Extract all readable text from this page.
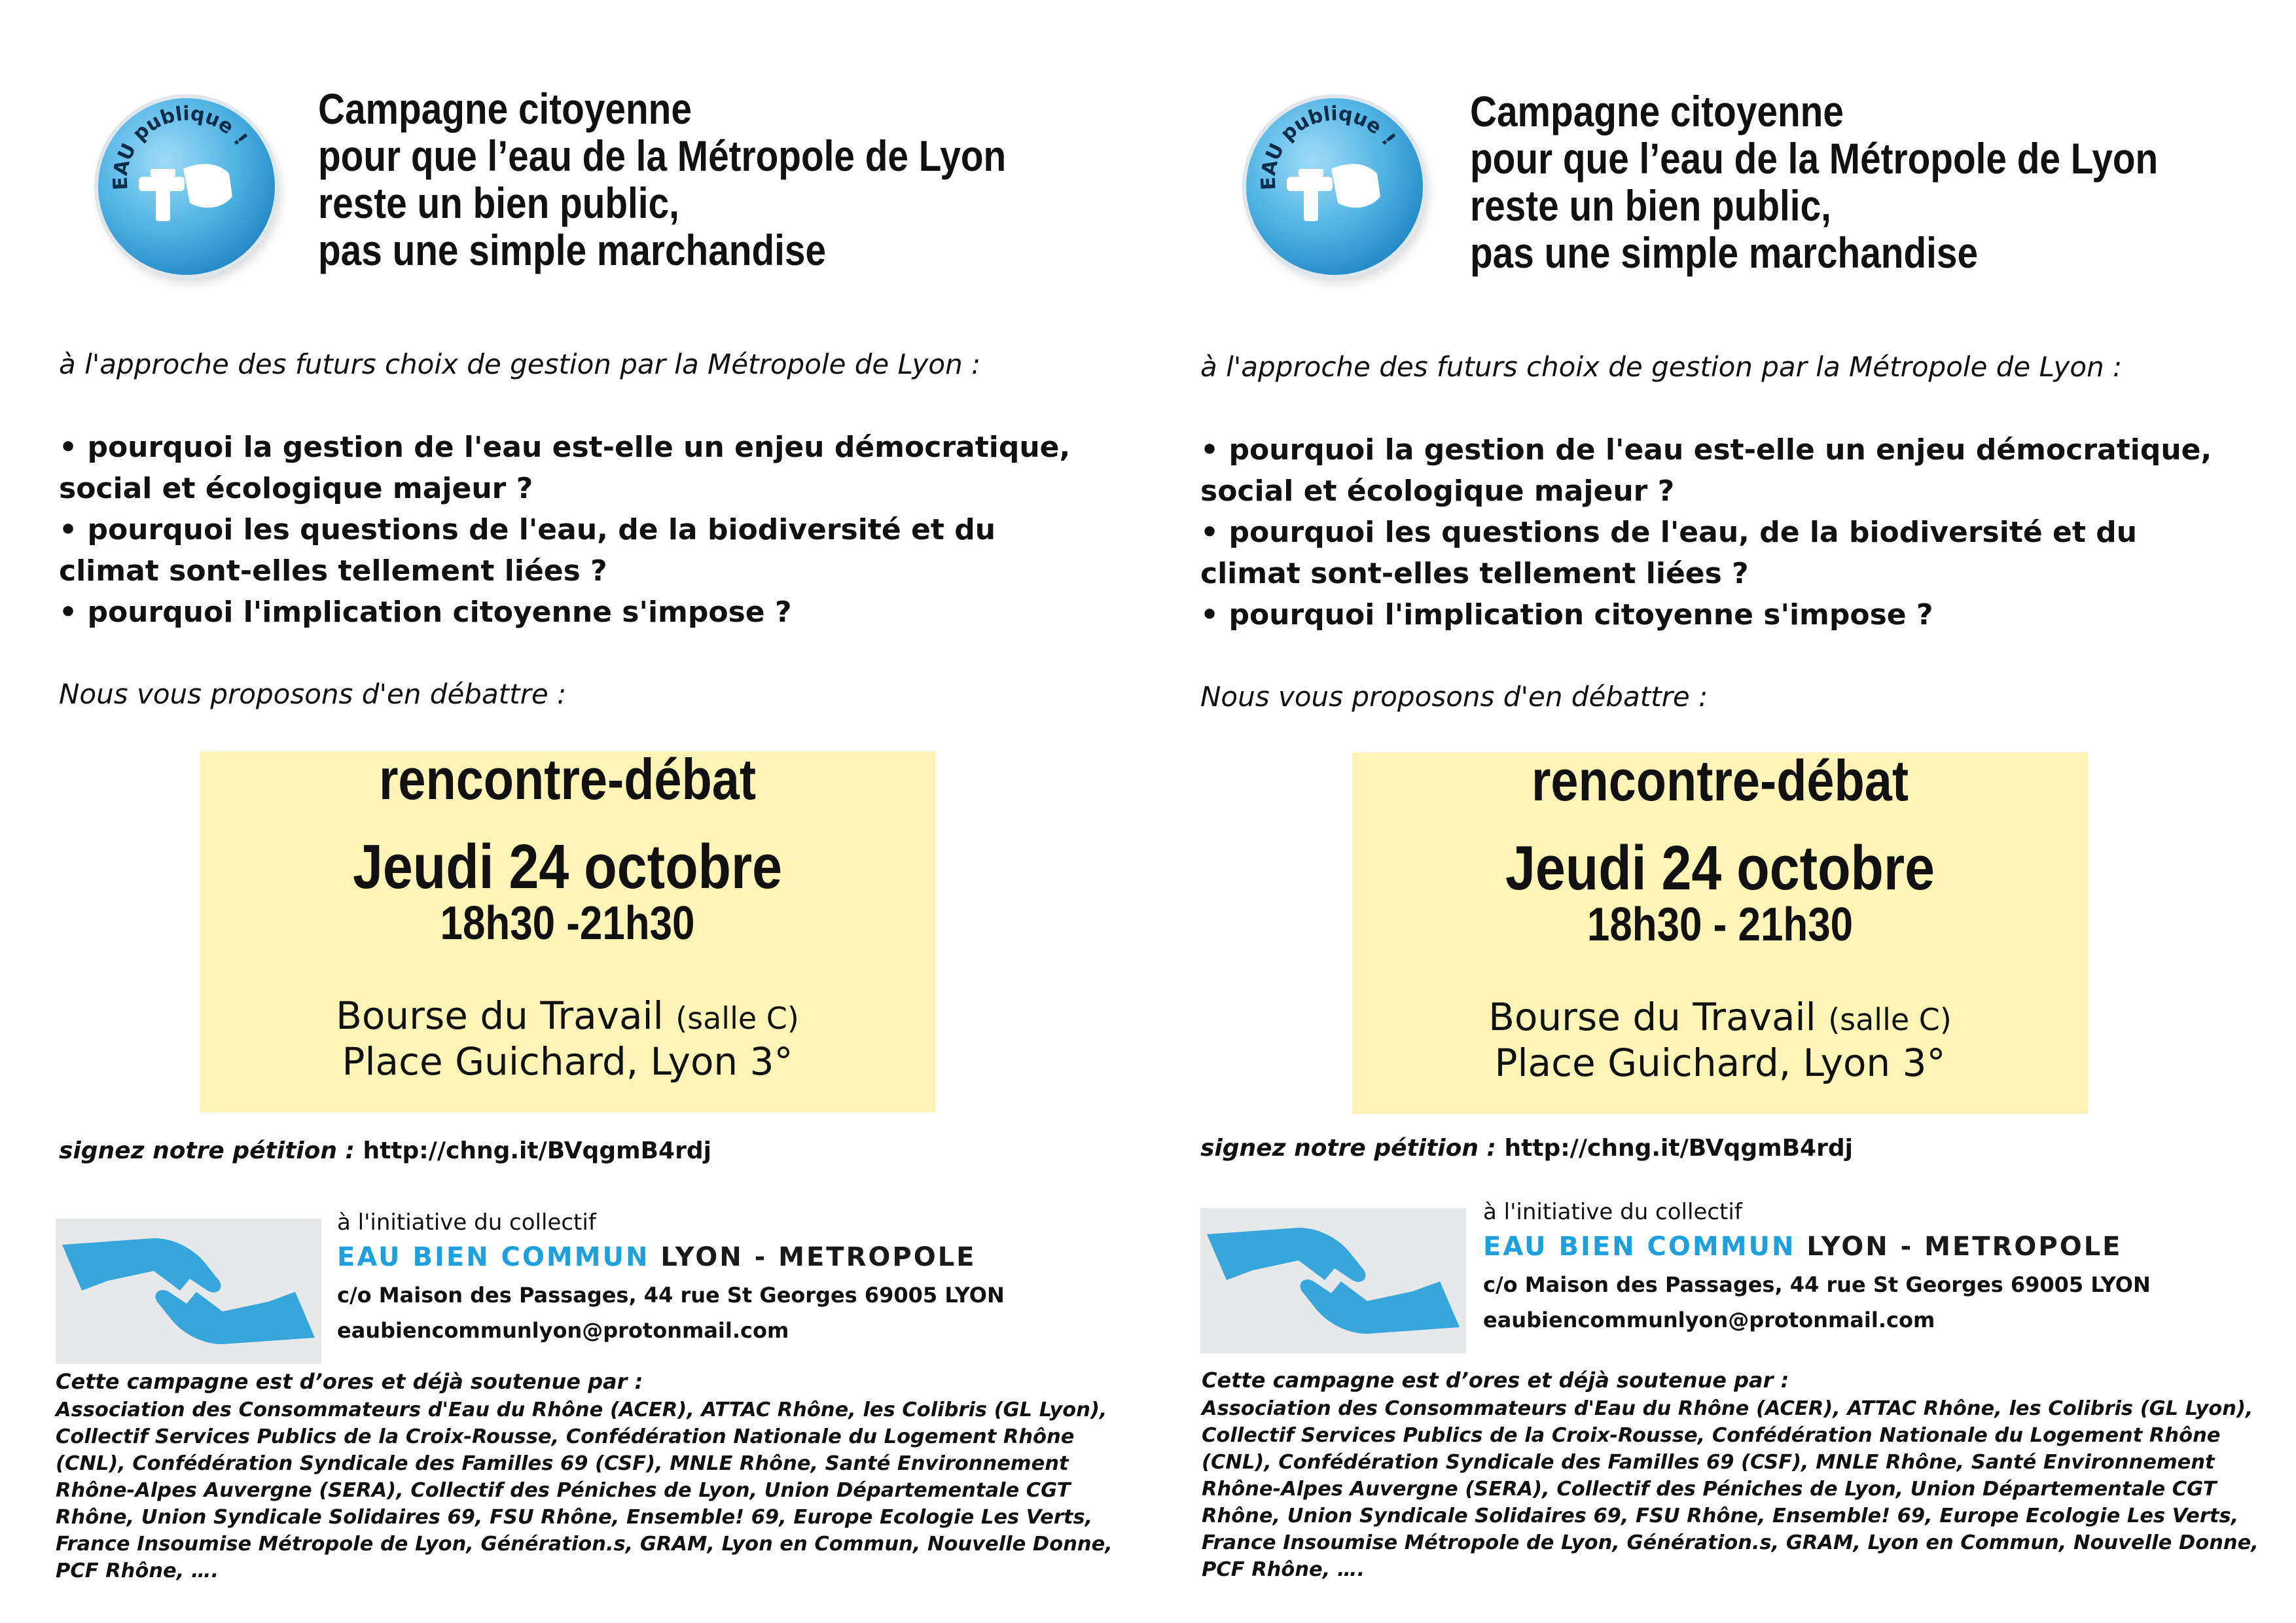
EAU publique !
Campagne citoyenne
pour que l’eau de la Métropole de Lyon
reste un bien public,
pas une simple marchandise
à l'approche des futurs choix de gestion par la Métropole de Lyon :
• pourquoi la gestion de l'eau est-elle un enjeu démocratique, social et écologique majeur ?
• pourquoi les questions de l'eau, de la biodiversité et du climat sont-elles tellement liées ?
• pourquoi l'implication citoyenne s'impose ?
Nous vous proposons d'en débattre :
rencontre-débat
Jeudi 24 octobre
18h30 -21h30
Bourse du Travail (salle C)
Place Guichard, Lyon 3°
signez notre pétition : http://chng.it/BVqgmB4rdj
à l'initiative du collectif
EAU BIEN COMMUN LYON - METROPOLE
c/o Maison des Passages, 44 rue St Georges 69005 LYON
eaubiencommunlyon@protonmail.com
Cette campagne est d’ores et déjà soutenue par :
Association des Consommateurs d'Eau du Rhône (ACER), ATTAC Rhône, les Colibris (GL Lyon), Collectif Services Publics de la Croix-Rousse, Confédération Nationale du Logement Rhône (CNL), Confédération Syndicale des Familles 69 (CSF), MNLE Rhône, Santé Environnement Rhône-Alpes Auvergne (SERA), Collectif des Péniches de Lyon, Union Départementale CGT Rhône, Union Syndicale Solidaires 69, FSU Rhône, Ensemble! 69, Europe Ecologie Les Verts, France Insoumise Métropole de Lyon, Génération.s, GRAM, Lyon en Commun, Nouvelle Donne, PCF Rhône, ….
EAU publique !
Campagne citoyenne
pour que l’eau de la Métropole de Lyon
reste un bien public,
pas une simple marchandise
à l'approche des futurs choix de gestion par la Métropole de Lyon :
• pourquoi la gestion de l'eau est-elle un enjeu démocratique, social et écologique majeur ?
• pourquoi les questions de l'eau, de la biodiversité et du climat sont-elles tellement liées ?
• pourquoi l'implication citoyenne s'impose ?
Nous vous proposons d'en débattre :
rencontre-débat
Jeudi 24 octobre
18h30 - 21h30
Bourse du Travail (salle C)
Place Guichard, Lyon 3°
signez notre pétition : http://chng.it/BVqgmB4rdj
à l'initiative du collectif
EAU BIEN COMMUN LYON - METROPOLE
c/o Maison des Passages, 44 rue St Georges 69005 LYON
eaubiencommunlyon@protonmail.com
Cette campagne est d’ores et déjà soutenue par :
Association des Consommateurs d'Eau du Rhône (ACER), ATTAC Rhône, les Colibris (GL Lyon), Collectif Services Publics de la Croix-Rousse, Confédération Nationale du Logement Rhône (CNL), Confédération Syndicale des Familles 69 (CSF), MNLE Rhône, Santé Environnement Rhône-Alpes Auvergne (SERA), Collectif des Péniches de Lyon, Union Départementale CGT Rhône, Union Syndicale Solidaires 69, FSU Rhône, Ensemble! 69, Europe Ecologie Les Verts, France Insoumise Métropole de Lyon, Génération.s, GRAM, Lyon en Commun, Nouvelle Donne, PCF Rhône, ….
